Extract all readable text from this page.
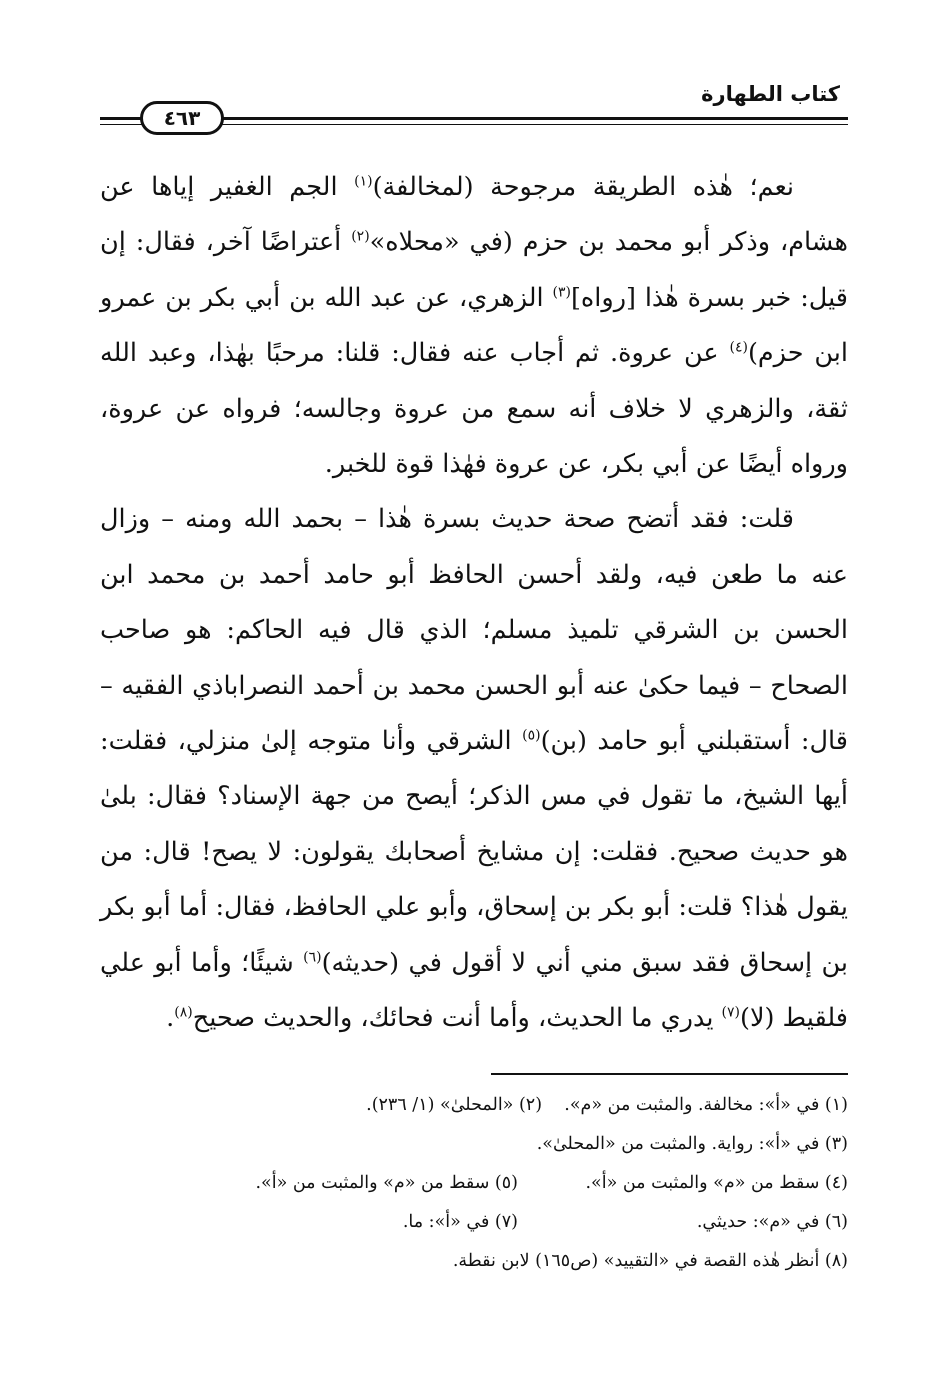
كتاب الطهارة
٤٦٣

نعم؛ هٰذه الطريقة مرجوحة (لمخالفة)$^{(١)}$ الجم الغفير إياها عن هشام، وذكر أبو محمد بن حزم (في «محلاه»$^{(٢)}$ أعتراضًا آخر، فقال: إن قيل: خبر بسرة هٰذا [رواه]$^{(٣)}$ الزهري، عن عبد الله بن أبي بكر بن عمرو ابن حزم)$^{(٤)}$ عن عروة. ثم أجاب عنه فقال: قلنا: مرحبًا بهٰذا، وعبد الله ثقة، والزهري لا خلاف أنه سمع من عروة وجالسه؛ فرواه عن عروة، ورواه أيضًا عن أبي بكر، عن عروة فهٰذا قوة للخبر.

قلت: فقد أتضح صحة حديث بسرة هٰذا – بحمد الله ومنه – وزال عنه ما طعن فيه، ولقد أحسن الحافظ أبو حامد أحمد بن محمد ابن الحسن بن الشرقي تلميذ مسلم؛ الذي قال فيه الحاكم: هو صاحب الصحاح – فيما حكىٰ عنه أبو الحسن محمد بن أحمد النصراباذي الفقيه – قال: أستقبلني أبو حامد (بن)$^{(٥)}$ الشرقي وأنا متوجه إلىٰ منزلي، فقلت: أيها الشيخ، ما تقول في مس الذكر؛ أيصح من جهة الإسناد؟ فقال: بلىٰ هو حديث صحيح. فقلت: إن مشايخ أصحابك يقولون: لا يصح! قال: من يقول هٰذا؟ قلت: أبو بكر بن إسحاق، وأبو علي الحافظ، فقال: أما أبو بكر بن إسحاق فقد سبق مني أني لا أقول في (حديثه)$^{(٦)}$ شيئًا؛ وأما أبو علي فلقيط (لا)$^{(٧)}$ يدري ما الحديث، وأما أنت فحائك، والحديث صحيح$^{(٨)}$.

(١) في «أ»: مخالفة. والمثبت من «م».    (٢) «المحلىٰ» (١/ ٢٣٦).
(٣) في «أ»: رواية. والمثبت من «المحلىٰ».
(٤) سقط من «م» والمثبت من «أ».(٥) سقط من «م» والمثبت من «أ».
(٦) في «م»: حديثي.(٧) في «أ»: ما.
(٨) أنظر هٰذه القصة في «التقييد» (ص١٦٥) لابن نقطة.
